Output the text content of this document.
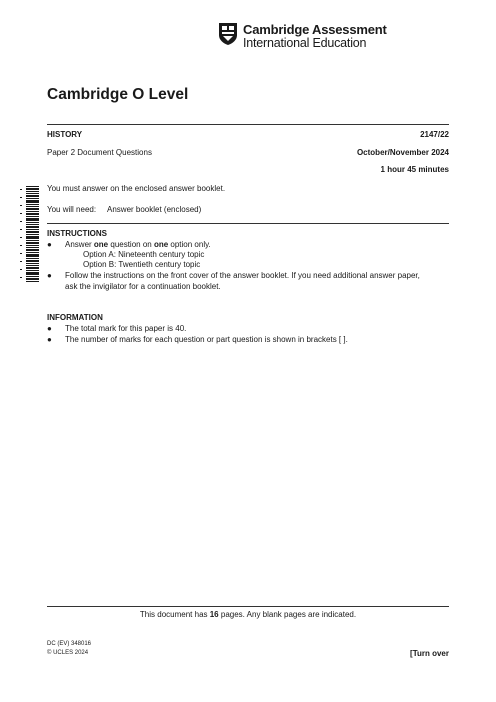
Cambridge Assessment
International Education
Cambridge O Level
HISTORY	2147/22
Paper 2 Document Questions	October/November 2024
1 hour 45 minutes
You must answer on the enclosed answer booklet.
You will need: Answer booklet (enclosed)
INSTRUCTIONS
● Answer one question on one option only.
Option A: Nineteenth century topic
Option B: Twentieth century topic
● Follow the instructions on the front cover of the answer booklet. If you need additional answer paper,
ask the invigilator for a continuation booklet.
INFORMATION
● The total mark for this paper is 40.
● The number of marks for each question or part question is shown in brackets [ ].
This document has 16 pages. Any blank pages are indicated.
DC (EV) 348016
© UCLES 2024	[Turn over
